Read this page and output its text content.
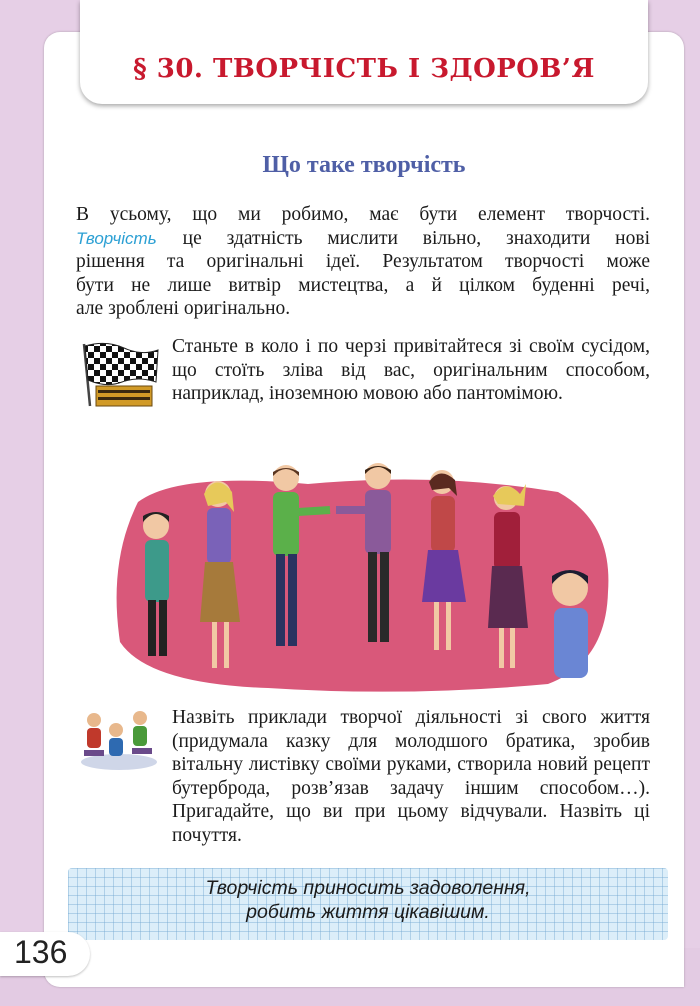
§ 30. ТВОРЧІСТЬ І ЗДОРОВ’Я
Що таке творчість
В усьому, що ми робимо, має бути елемент творчості.
Творчість це здатність мислити вільно, знаходити нові
рішення та оригінальні ідеї. Результатом творчості може
бути не лише витвір мистецтва, а й цілком буденні речі,
але зроблені оригінально.
Станьте в коло і по черзі привітайтеся зі своїм сусідом, що стоїть зліва від вас, оригінальним способом, наприклад, іноземною мовою або пантомімою.
Назвіть приклади творчої діяльності зі свого життя (придумала казку для молодшого братика, зробив вітальну листівку своїми руками, створила новий рецепт бутерброда, розв’язав задачу іншим способом…). Пригадайте, що ви при цьому відчували. Назвіть ці почуття.
Творчість приносить задоволення,
робить життя цікавішим.
136
